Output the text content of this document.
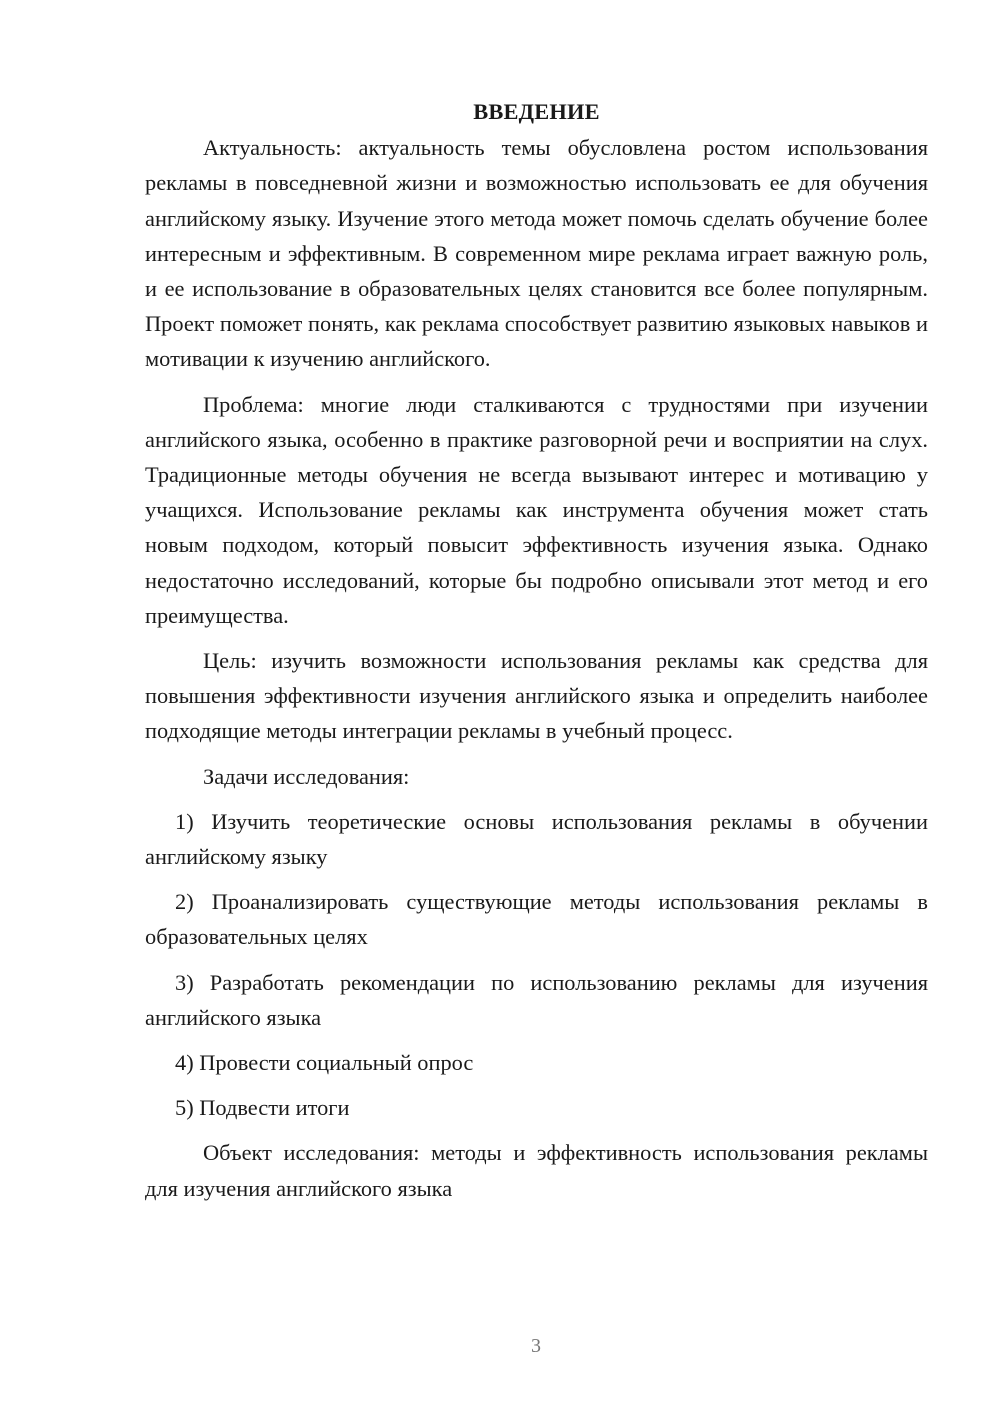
ВВЕДЕНИЕ

Актуальность: актуальность темы обусловлена ростом использования рекламы в повседневной жизни и возможностью использовать ее для обучения английскому языку. Изучение этого метода может помочь сделать обучение более интересным и эффективным. В современном мире реклама играет важную роль, и ее использование в образовательных целях становится все более популярным. Проект поможет понять, как реклама способствует развитию языковых навыков и мотивации к изучению английского.

Проблема: многие люди сталкиваются с трудностями при изучении английского языка, особенно в практике разговорной речи и восприятии на слух. Традиционные методы обучения не всегда вызывают интерес и мотивацию у учащихся. Использование рекламы как инструмента обучения может стать новым подходом, который повысит эффективность изучения языка. Однако недостаточно исследований, которые бы подробно описывали этот метод и его преимущества.

Цель: изучить возможности использования рекламы как средства для повышения эффективности изучения английского языка и определить наиболее подходящие методы интеграции рекламы в учебный процесс.

Задачи исследования:

1) Изучить теоретические основы использования рекламы в обучении английскому языку

2) Проанализировать существующие методы использования рекламы в образовательных целях

3) Разработать рекомендации по использованию рекламы для изучения английского языка

4) Провести социальный опрос

5) Подвести итоги

Объект исследования: методы и эффективность использования рекламы для изучения английского языка

3
